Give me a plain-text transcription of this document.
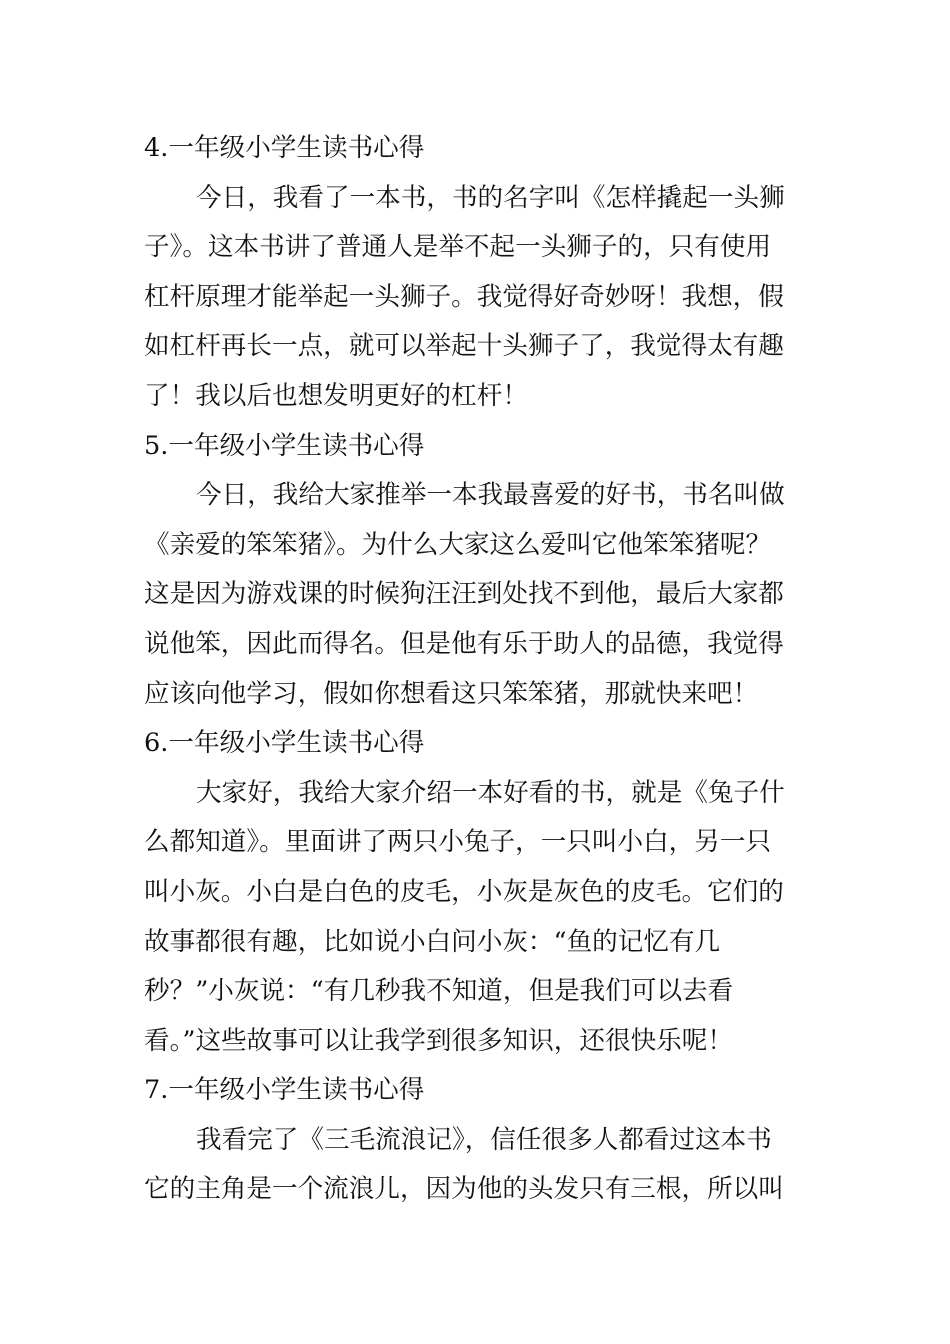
4.一年级小学生读书心得

今日，我看了一本书，书的名字叫《怎样撬起一头狮
子》。这本书讲了普通人是举不起一头狮子的，只有使用
杠杆原理才能举起一头狮子。我觉得好奇妙呀！我想，假
如杠杆再长一点，就可以举起十头狮子了，我觉得太有趣
了！我以后也想发明更好的杠杆！

5.一年级小学生读书心得

今日，我给大家推举一本我最喜爱的好书，书名叫做
《亲爱的笨笨猪》。为什么大家这么爱叫它他笨笨猪呢？
这是因为游戏课的时候狗汪汪到处找不到他，最后大家都
说他笨，因此而得名。但是他有乐于助人的品德，我觉得
应该向他学习，假如你想看这只笨笨猪，那就快来吧！

6.一年级小学生读书心得

大家好，我给大家介绍一本好看的书，就是《兔子什
么都知道》。里面讲了两只小兔子，一只叫小白，另一只
叫小灰。小白是白色的皮毛，小灰是灰色的皮毛。它们的
故事都很有趣，比如说小白问小灰：“鱼的记忆有几
秒？”小灰说：“有几秒我不知道，但是我们可以去看
看。”这些故事可以让我学到很多知识，还很快乐呢！

7.一年级小学生读书心得

我看完了《三毛流浪记》，信任很多人都看过这本书
它的主角是一个流浪儿，因为他的头发只有三根，所以叫
